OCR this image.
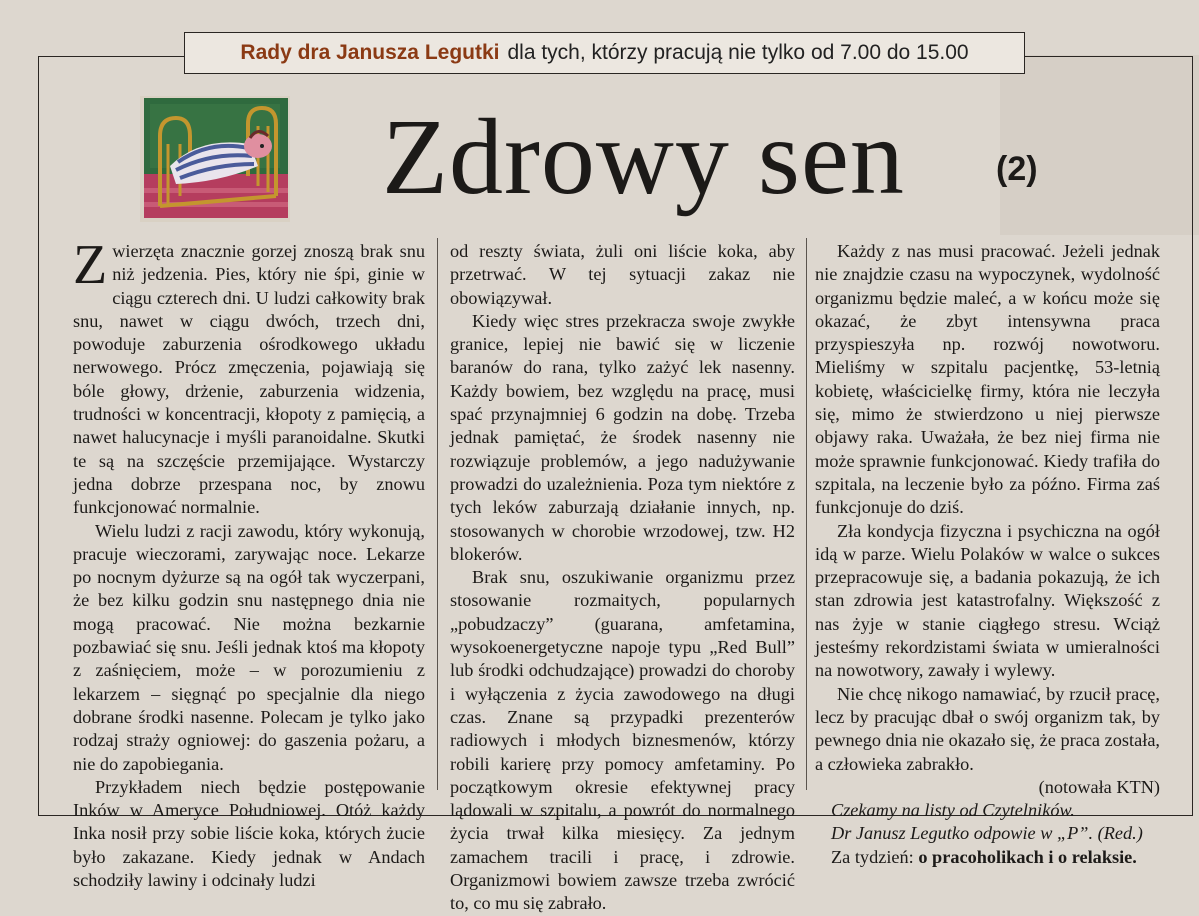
Rady dra Janusza Legutki dla tych, którzy pracują nie tylko od 7.00 do 15.00
Zdrowy sen	(2)

Zwierzęta znacznie gorzej znoszą brak snu niż jedzenia. Pies, który nie śpi, ginie w ciągu czterech dni. U ludzi całkowity brak snu, nawet w ciągu dwóch, trzech dni, powoduje zaburzenia ośrodkowego układu nerwowego. Prócz zmęczenia, pojawiają się bóle głowy, drżenie, zaburzenia widzenia, trudności w koncentracji, kłopoty z pamięcią, a nawet halucynacje i myśli paranoidalne. Skutki te są na szczęście przemijające. Wystarczy jedna dobrze przespana noc, by znowu funkcjonować normalnie.

Wielu ludzi z racji zawodu, który wykonują, pracuje wieczorami, zarywając noce. Lekarze po nocnym dyżurze są na ogół tak wyczerpani, że bez kilku godzin snu następnego dnia nie mogą pracować. Nie można bezkarnie pozbawiać się snu. Jeśli jednak ktoś ma kłopoty z zaśnięciem, może – w porozumieniu z lekarzem – sięgnąć po specjalnie dla niego dobrane środki nasenne. Polecam je tylko jako rodzaj straży ogniowej: do gaszenia pożaru, a nie do zapobiegania.

Przykładem niech będzie postępowanie Inków w Ameryce Południowej. Otóż każdy Inka nosił przy sobie liście koka, których żucie było zakazane. Kiedy jednak w Andach schodziły lawiny i odcinały ludzi

od reszty świata, żuli oni liście koka, aby przetrwać. W tej sytuacji zakaz nie obowiązywał.

Kiedy więc stres przekracza swoje zwykłe granice, lepiej nie bawić się w liczenie baranów do rana, tylko zażyć lek nasenny. Każdy bowiem, bez względu na pracę, musi spać przynajmniej 6 godzin na dobę. Trzeba jednak pamiętać, że środek nasenny nie rozwiązuje problemów, a jego nadużywanie prowadzi do uzależnienia. Poza tym niektóre z tych leków zaburzają działanie innych, np. stosowanych w chorobie wrzodowej, tzw. H2 blokerów.

Brak snu, oszukiwanie organizmu przez stosowanie rozmaitych, popularnych „pobudzaczy” (guarana, amfetamina, wysokoenergetyczne napoje typu „Red Bull” lub środki odchudzające) prowadzi do choroby i wyłączenia z życia zawodowego na długi czas. Znane są przypadki prezenterów radiowych i młodych biznesmenów, którzy robili karierę przy pomocy amfetaminy. Po początkowym okresie efektywnej pracy lądowali w szpitalu, a powrót do normalnego życia trwał kilka miesięcy. Za jednym zamachem tracili i pracę, i zdrowie. Organizmowi bowiem zawsze trzeba zwrócić to, co mu się zabrało.

Każdy z nas musi pracować. Jeżeli jednak nie znajdzie czasu na wypoczynek, wydolność organizmu będzie maleć, a w końcu może się okazać, że zbyt intensywna praca przyspieszyła np. rozwój nowotworu. Mieliśmy w szpitalu pacjentkę, 53-letnią kobietę, właścicielkę firmy, która nie leczyła się, mimo że stwierdzono u niej pierwsze objawy raka. Uważała, że bez niej firma nie może sprawnie funkcjonować. Kiedy trafiła do szpitala, na leczenie było za późno. Firma zaś funkcjonuje do dziś.

Zła kondycja fizyczna i psychiczna na ogół idą w parze. Wielu Polaków w walce o sukces przepracowuje się, a badania pokazują, że ich stan zdrowia jest katastrofalny. Większość z nas żyje w stanie ciągłego stresu. Wciąż jesteśmy rekordzistami świata w umieralności na nowotwory, zawały i wylewy.

Nie chcę nikogo namawiać, by rzucił pracę, lecz by pracując dbał o swój organizm tak, by pewnego dnia nie okazało się, że praca została, a człowieka zabrakło.

(notowała KTN)

Czekamy na listy od Czytelników.

Dr Janusz Legutko odpowie w „P”. (Red.)

Za tydzień: o pracoholikach i o relaksie.
